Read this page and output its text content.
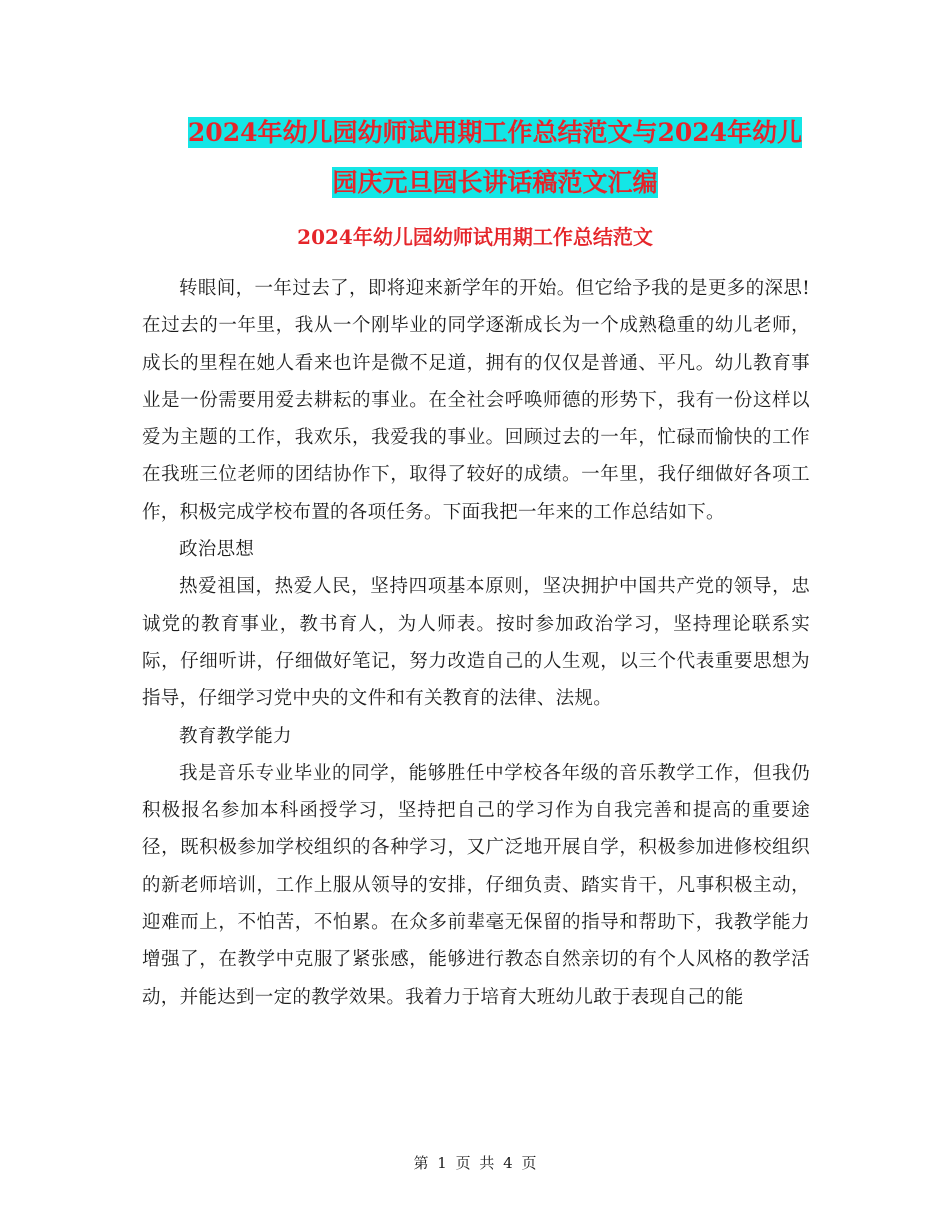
2024年幼儿园幼师试用期工作总结范文与2024年幼儿
园庆元旦园长讲话稿范文汇编
2024年幼儿园幼师试用期工作总结范文

转眼间，一年过去了，即将迎来新学年的开始。但它给予我的是更多的深思!在过去的一年里，我从一个刚毕业的同学逐渐成长为一个成熟稳重的幼儿老师，成长的里程在她人看来也许是微不足道，拥有的仅仅是普通、平凡。幼儿教育事业是一份需要用爱去耕耘的事业。在全社会呼唤师德的形势下，我有一份这样以爱为主题的工作，我欢乐，我爱我的事业。回顾过去的一年，忙碌而愉快的工作在我班三位老师的团结协作下，取得了较好的成绩。一年里，我仔细做好各项工作，积极完成学校布置的各项任务。下面我把一年来的工作总结如下。

政治思想

热爱祖国，热爱人民，坚持四项基本原则，坚决拥护中国共产党的领导，忠诚党的教育事业，教书育人，为人师表。按时参加政治学习，坚持理论联系实际，仔细听讲，仔细做好笔记，努力改造自己的人生观，以三个代表重要思想为指导，仔细学习党中央的文件和有关教育的法律、法规。

教育教学能力

我是音乐专业毕业的同学，能够胜任中学校各年级的音乐教学工作，但我仍积极报名参加本科函授学习，坚持把自己的学习作为自我完善和提高的重要途径，既积极参加学校组织的各种学习，又广泛地开展自学，积极参加进修校组织的新老师培训，工作上服从领导的安排，仔细负责、踏实肯干，凡事积极主动，迎难而上，不怕苦，不怕累。在众多前辈毫无保留的指导和帮助下，我教学能力增强了，在教学中克服了紧张感，能够进行教态自然亲切的有个人风格的教学活动，并能达到一定的教学效果。我着力于培育大班幼儿敢于表现自己的能

第 1 页 共 4 页
